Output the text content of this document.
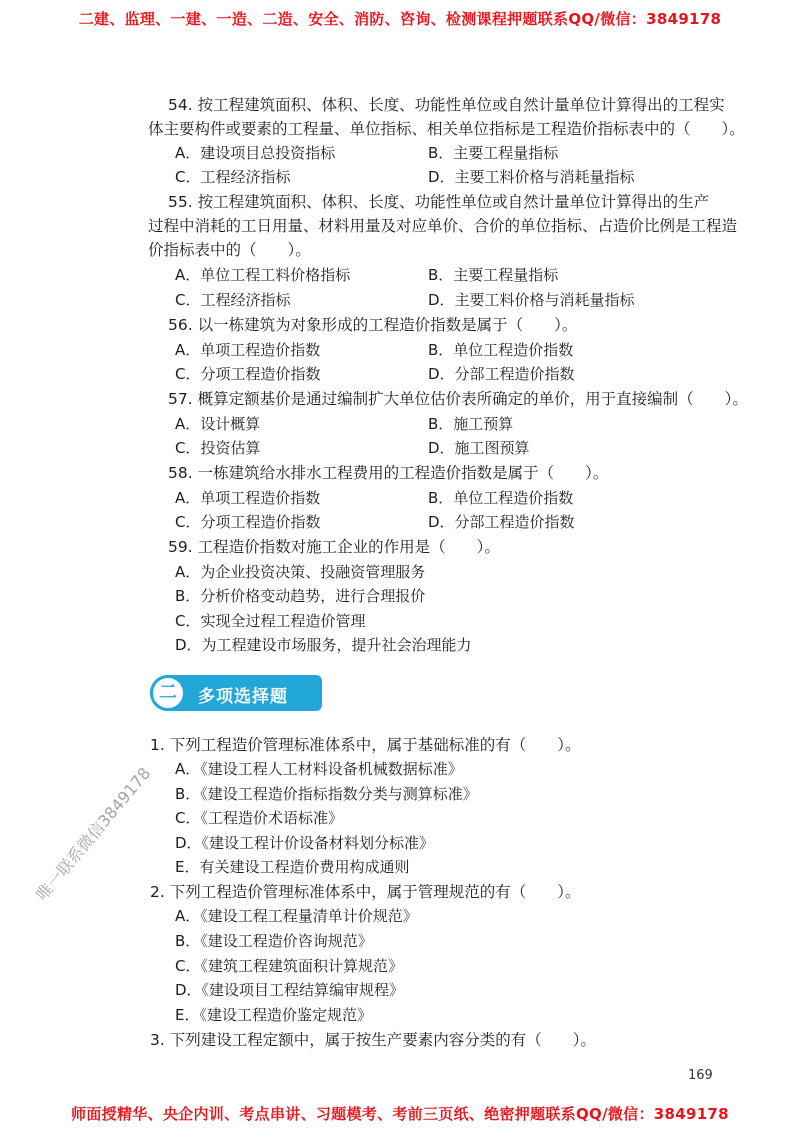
二建、监理、一建、一造、二造、安全、消防、咨询、检测课程押题联系QQ/微信：3849178
54. 按工程建筑面积、体积、长度、功能性单位或自然计量单位计算得出的工程实
体主要构件或要素的工程量、单位指标、相关单位指标是工程造价指标表中的（　　）。
A．建设项目总投资指标	B．主要工程量指标
C．工程经济指标	D．主要工料价格与消耗量指标
55. 按工程建筑面积、体积、长度、功能性单位或自然计量单位计算得出的生产
过程中消耗的工日用量、材料用量及对应单价、合价的单位指标、占造价比例是工程造
价指标表中的（　　）。
A．单位工程工料价格指标	B．主要工程量指标
C．工程经济指标	D．主要工料价格与消耗量指标
56. 以一栋建筑为对象形成的工程造价指数是属于（　　）。
A．单项工程造价指数	B．单位工程造价指数
C．分项工程造价指数	D．分部工程造价指数
57. 概算定额基价是通过编制扩大单位估价表所确定的单价，用于直接编制（　　）。
A．设计概算	B．施工预算
C．投资估算	D．施工图预算
58. 一栋建筑给水排水工程费用的工程造价指数是属于（　　）。
A．单项工程造价指数	B．单位工程造价指数
C．分项工程造价指数	D．分部工程造价指数
59. 工程造价指数对施工企业的作用是（　　）。
A．为企业投资决策、投融资管理服务
B．分析价格变动趋势，进行合理报价
C．实现全过程工程造价管理
D．为工程建设市场服务，提升社会治理能力
二	多项选择题
1. 下列工程造价管理标准体系中，属于基础标准的有（　　）。
A．《建设工程人工材料设备机械数据标准》
B．《建设工程造价指标指数分类与测算标准》
C．《工程造价术语标准》
D．《建设工程计价设备材料划分标准》
E．有关建设工程造价费用构成通则
2. 下列工程造价管理标准体系中，属于管理规范的有（　　）。
A．《建设工程工程量清单计价规范》
B．《建设工程造价咨询规范》
C．《建筑工程建筑面积计算规范》
D．《建设项目工程结算编审规程》
E．《建设工程造价鉴定规范》
3. 下列建设工程定额中，属于按生产要素内容分类的有（　　）。
169
唯一联系微信3849178
师面授精华、央企内训、考点串讲、习题模考、考前三页纸、绝密押题联系QQ/微信：3849178
